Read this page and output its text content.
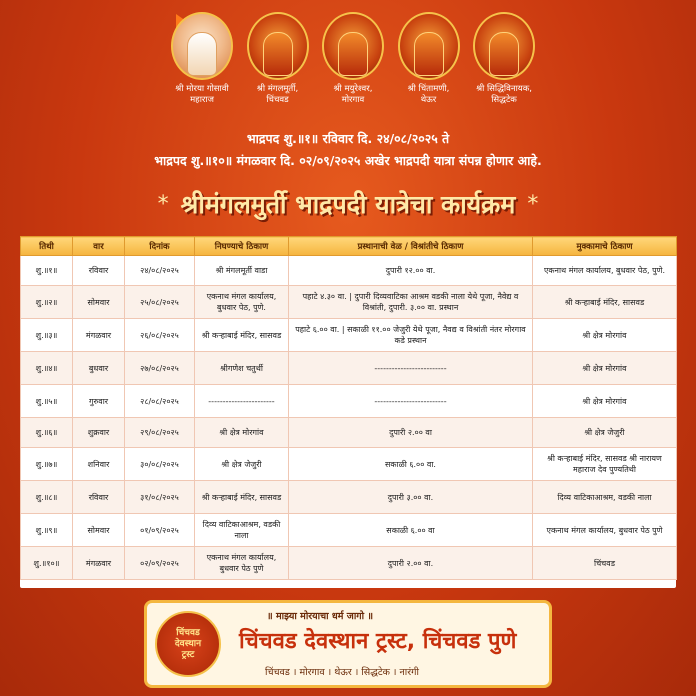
श्री मोरया गोसावी
महाराज
श्री मंगलमूर्ती,
चिंचवड
श्री मयुरेश्वर,
मोरगाव
श्री चिंतामणी,
थेऊर
श्री सिद्धिविनायक,
सिद्धटेक
भाद्रपद शु.॥१॥ रविवार दि. २४/०८/२०२५ ते
भाद्रपद शु.॥१०॥ मंगळवार दि. ०२/०९/२०२५ अखेर भाद्रपदी यात्रा संपन्न होणार आहे.
* श्रीमंगलमुर्ती भाद्रपदी यात्रेचा कार्यक्रम *
तिथी	वार	दिनांक	निघण्याचे ठिकाण	प्रस्थानाची वेळ / विश्रांतीचे ठिकाण	मुक्कामाचे ठिकाण
शु.॥१॥	रविवार	२४/०८/२०२५	श्री मंगलमूर्ती वाडा	दुपारी १२.०० वा.	एकनाथ मंगल कार्यालय, बुधवार पेठ, पुणे.
शु.॥२॥	सोमवार	२५/०८/२०२५	एकनाथ मंगल कार्यालय, बुधवार पेठ, पुणे.	पहाटे ४.३० वा. | दुपारी दिव्यवाटिका आश्रम वडकी नाला येथे पूजा, नैवेद्य व विश्रांती, दुपारी. ३.०० वा. प्रस्थान	श्री कऱ्हाबाई मंदिर, सासवड
शु.॥३॥	मंगळवार	२६/०८/२०२५	श्री कऱ्हाबाई मंदिर, सासवड	पहाटे ६.०० वा. | सकाळी ११.०० जेजुरी येथे पूजा, नैवद्य व विश्रांती नंतर मोरगाव कडे प्रस्थान	श्री क्षेत्र मोरगांव
शु.॥४॥	बुधवार	२७/०८/२०२५	श्रीगणेश चतुर्थी	-------------------------	श्री क्षेत्र मोरगांव
शु.॥५॥	गुरुवार	२८/०८/२०२५	-----------------------	-------------------------	श्री क्षेत्र मोरगांव
शु.॥६॥	शुक्रवार	२९/०८/२०२५	श्री क्षेत्र मोरगांव	दुपारी २.०० वा	श्री क्षेत्र जेजुरी
शु.॥७॥	शनिवार	३०/०८/२०२५	श्री क्षेत्र जेजुरी	सकाळी ६.०० वा.	श्री कऱ्हाबाई मंदिर, सासवड श्री नारायण महाराज देव पुण्यतिथी
शु.॥८॥	रविवार	३१/०८/२०२५	श्री कऱ्हाबाई मंदिर, सासवड	दुपारी ३.०० वा.	दिव्य वाटिकाआश्रम, वडकी नाला
शु.॥९॥	सोमवार	०१/०९/२०२५	दिव्य वाटिकाआश्रम, वडकी नाला	सकाळी ६.०० वा	एकनाथ मंगल कार्यालय, बुधवार पेठ पुणे
शु.॥१०॥	मंगळवार	०२/०९/२०२५	एकनाथ मंगल कार्यालय, बुधवार पेठ पुणे	दुपारी २.०० वा.	चिंचवड
चिंचवड
देवस्थान
ट्रस्ट
॥ माझ्या मोरयाचा धर्म जागो ॥
चिंचवड देवस्थान ट्रस्ट, चिंचवड पुणे
चिंचवड । मोरगाव । थेऊर । सिद्धटेक । नारंगी
